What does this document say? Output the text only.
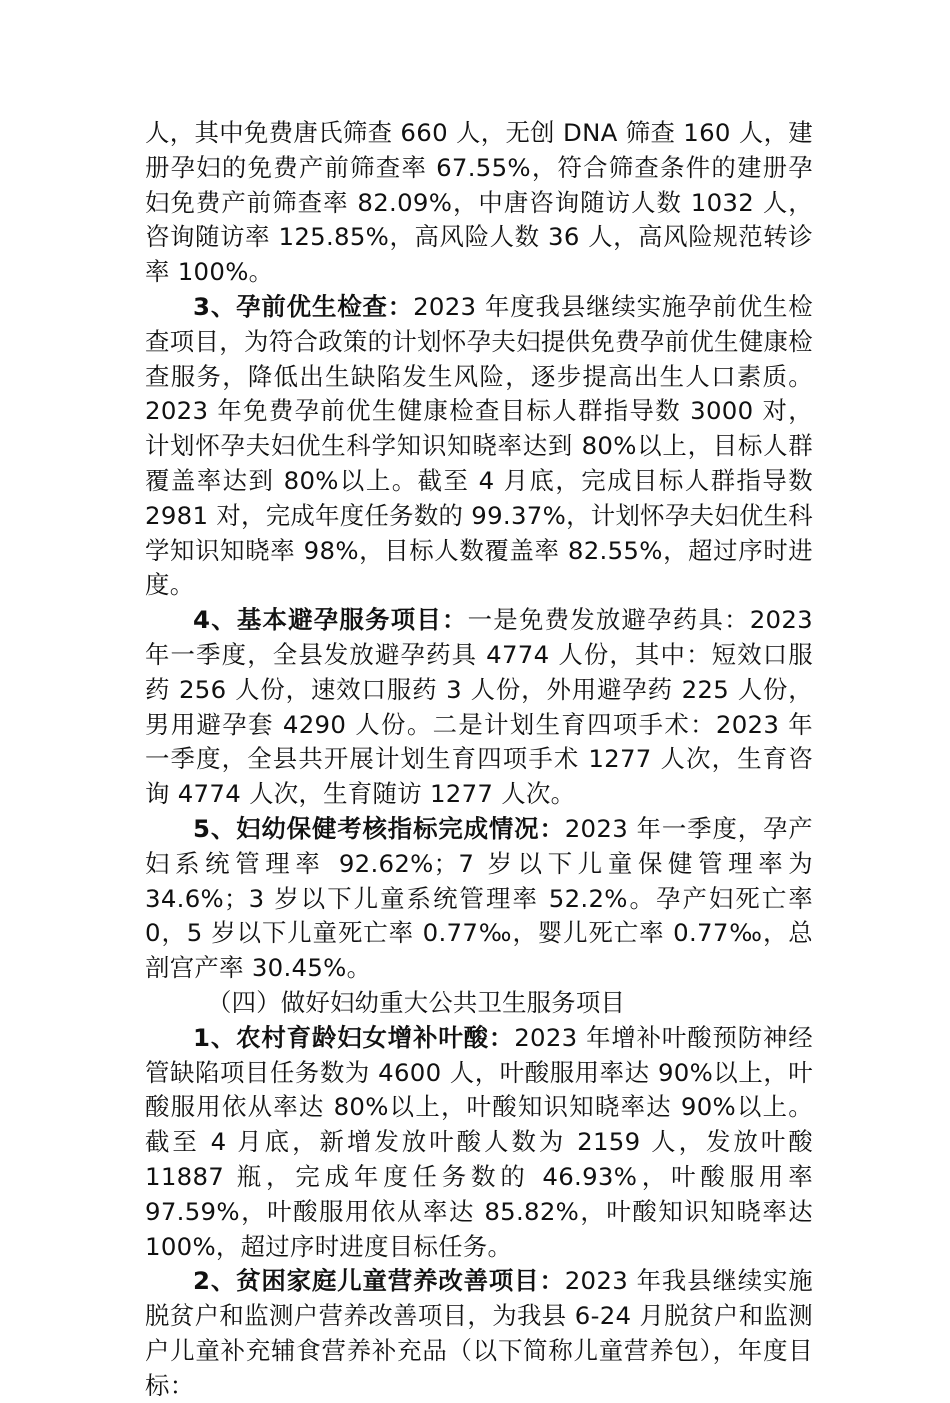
人，其中免费唐氏筛查 660 人，无创 DNA 筛查 160 人，建册孕妇的免费产前筛查率 67.55%，符合筛查条件的建册孕妇免费产前筛查率 82.09%，中唐咨询随访人数 1032 人，咨询随访率 125.85%，高风险人数 36 人，高风险规范转诊率 100%。

3、孕前优生检查：2023 年度我县继续实施孕前优生检查项目，为符合政策的计划怀孕夫妇提供免费孕前优生健康检查服务，降低出生缺陷发生风险，逐步提高出生人口素质。2023 年免费孕前优生健康检查目标人群指导数 3000 对，计划怀孕夫妇优生科学知识知晓率达到 80%以上，目标人群覆盖率达到 80%以上。截至 4 月底，完成目标人群指导数 2981 对，完成年度任务数的 99.37%，计划怀孕夫妇优生科学知识知晓率 98%，目标人数覆盖率 82.55%，超过序时进度。

4、基本避孕服务项目：一是免费发放避孕药具：2023 年一季度，全县发放避孕药具 4774 人份，其中：短效口服药 256 人份，速效口服药 3 人份，外用避孕药 225 人份，男用避孕套 4290 人份。二是计划生育四项手术：2023 年一季度，全县共开展计划生育四项手术 1277 人次，生育咨询 4774 人次，生育随访 1277 人次。

5、妇幼保健考核指标完成情况：2023 年一季度，孕产妇系统管理率 92.62%；7 岁以下儿童保健管理率为 34.6%；3 岁以下儿童系统管理率 52.2%。孕产妇死亡率 0，5 岁以下儿童死亡率 0.77‰，婴儿死亡率 0.77‰，总剖宫产率 30.45%。

（四）做好妇幼重大公共卫生服务项目

1、农村育龄妇女增补叶酸：2023 年增补叶酸预防神经管缺陷项目任务数为 4600 人，叶酸服用率达 90%以上，叶酸服用依从率达 80%以上，叶酸知识知晓率达 90%以上。截至 4 月底，新增发放叶酸人数为 2159 人，发放叶酸 11887 瓶，完成年度任务数的 46.93%，叶酸服用率 97.59%，叶酸服用依从率达 85.82%，叶酸知识知晓率达 100%，超过序时进度目标任务。

2、贫困家庭儿童营养改善项目：2023 年我县继续实施脱贫户和监测户营养改善项目，为我县 6-24 月脱贫户和监测户儿童补充辅食营养补充品（以下简称儿童营养包），年度目标：
